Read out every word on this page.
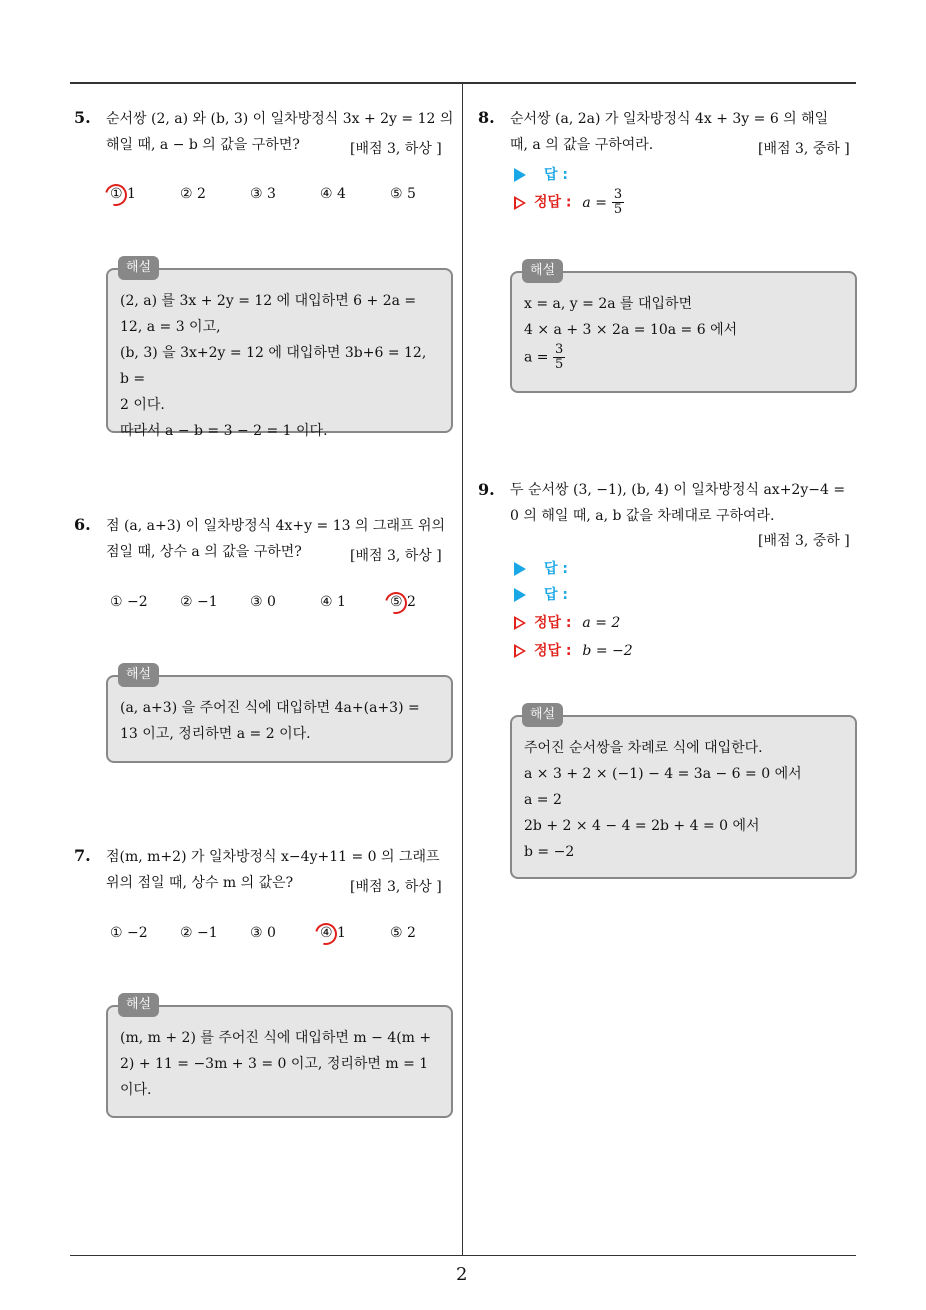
2
5. 순서쌍 (2, a) 와 (b, 3) 이 일차방정식 3x + 2y = 12 의
해일 때, a − b 의 값을 구하면?	[배점 3, 하상 ]
① 1	② 2	③ 3	④ 4	⑤ 5
(2, a) 를 3x + 2y = 12 에 대입하면 6 + 2a =
12, a = 3 이고,
(b, 3) 을 3x+2y = 12 에 대입하면 3b+6 = 12, b =
2 이다.
따라서 a − b = 3 − 2 = 1 이다.
해설
6. 점 (a, a+3) 이 일차방정식 4x+y = 13 의 그래프 위의
점일 때, 상수 a 의 값을 구하면?	[배점 3, 하상 ]
① −2 ② −1 ③ 0	④ 1	⑤ 2
(a, a+3) 을 주어진 식에 대입하면 4a+(a+3) =
13 이고, 정리하면 a = 2 이다.
해설
7. 점(m, m+2) 가 일차방정식 x−4y+11 = 0 의 그래프
위의 점일 때, 상수 m 의 값은?	[배점 3, 하상 ]
① −2 ② −1 ③ 0	④ 1	⑤ 2
(m, m + 2) 를 주어진 식에 대입하면 m − 4(m +
2) + 11 = −3m + 3 = 0 이고, 정리하면 m = 1
이다.
해설
8. 순서쌍 (a, 2a) 가 일차방정식 4x + 3y = 6 의 해일
때, a 의 값을 구하여라.	[배점 3, 중하 ]
답 :
정답 : $a = \frac{3}{5}$
x = a, y = 2a 를 대입하면
4 × a + 3 × 2a = 10a = 6 에서
$a = \frac{3}{5}$
해설
9. 두 순서쌍 (3, −1), (b, 4) 이 일차방정식 ax+2y−4 =
0 의 해일 때, a, b 값을 차례대로 구하여라.
[배점 3, 중하 ]
답 :
답 :
정답 : a = 2
정답 : b = −2
주어진 순서쌍을 차례로 식에 대입한다.
a × 3 + 2 × (−1) − 4 = 3a − 6 = 0 에서
a = 2
2b + 2 × 4 − 4 = 2b + 4 = 0 에서
b = −2
해설
